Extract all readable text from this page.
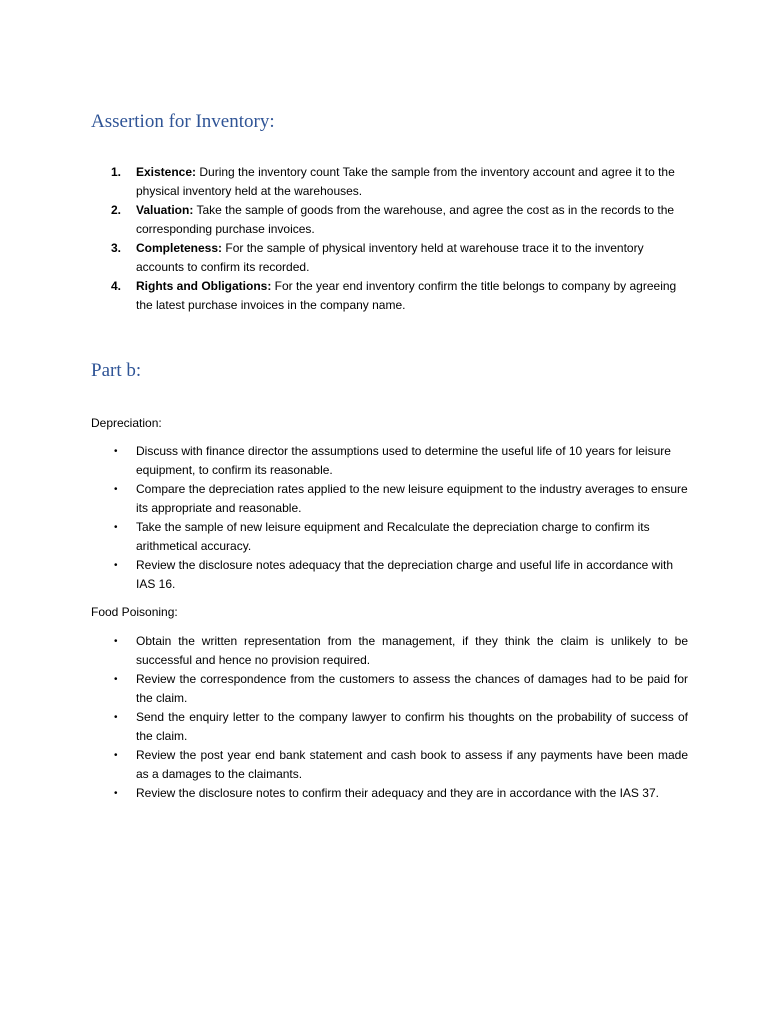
Assertion for Inventory:
1. Existence: During the inventory count Take the sample from the inventory account and agree it to the physical inventory held at the warehouses.
2. Valuation: Take the sample of goods from the warehouse, and agree the cost as in the records to the corresponding purchase invoices.
3. Completeness: For the sample of physical inventory held at warehouse trace it to the inventory accounts to confirm its recorded.
4. Rights and Obligations: For the year end inventory confirm the title belongs to company by agreeing the latest purchase invoices in the company name.
Part b:

Depreciation:

• Discuss with finance director the assumptions used to determine the useful life of 10 years for leisure equipment, to confirm its reasonable.
• Compare the depreciation rates applied to the new leisure equipment to the industry averages to ensure its appropriate and reasonable.
• Take the sample of new leisure equipment and Recalculate the depreciation charge to confirm its arithmetical accuracy.
• Review the disclosure notes adequacy that the depreciation charge and useful life in accordance with IAS 16.

Food Poisoning:

• Obtain the written representation from the management, if they think the claim is unlikely to be successful and hence no provision required.
• Review the correspondence from the customers to assess the chances of damages had to be paid for the claim.
• Send the enquiry letter to the company lawyer to confirm his thoughts on the probability of success of the claim.
• Review the post year end bank statement and cash book to assess if any payments have been made as a damages to the claimants.
• Review the disclosure notes to confirm their adequacy and they are in accordance with the IAS 37.
